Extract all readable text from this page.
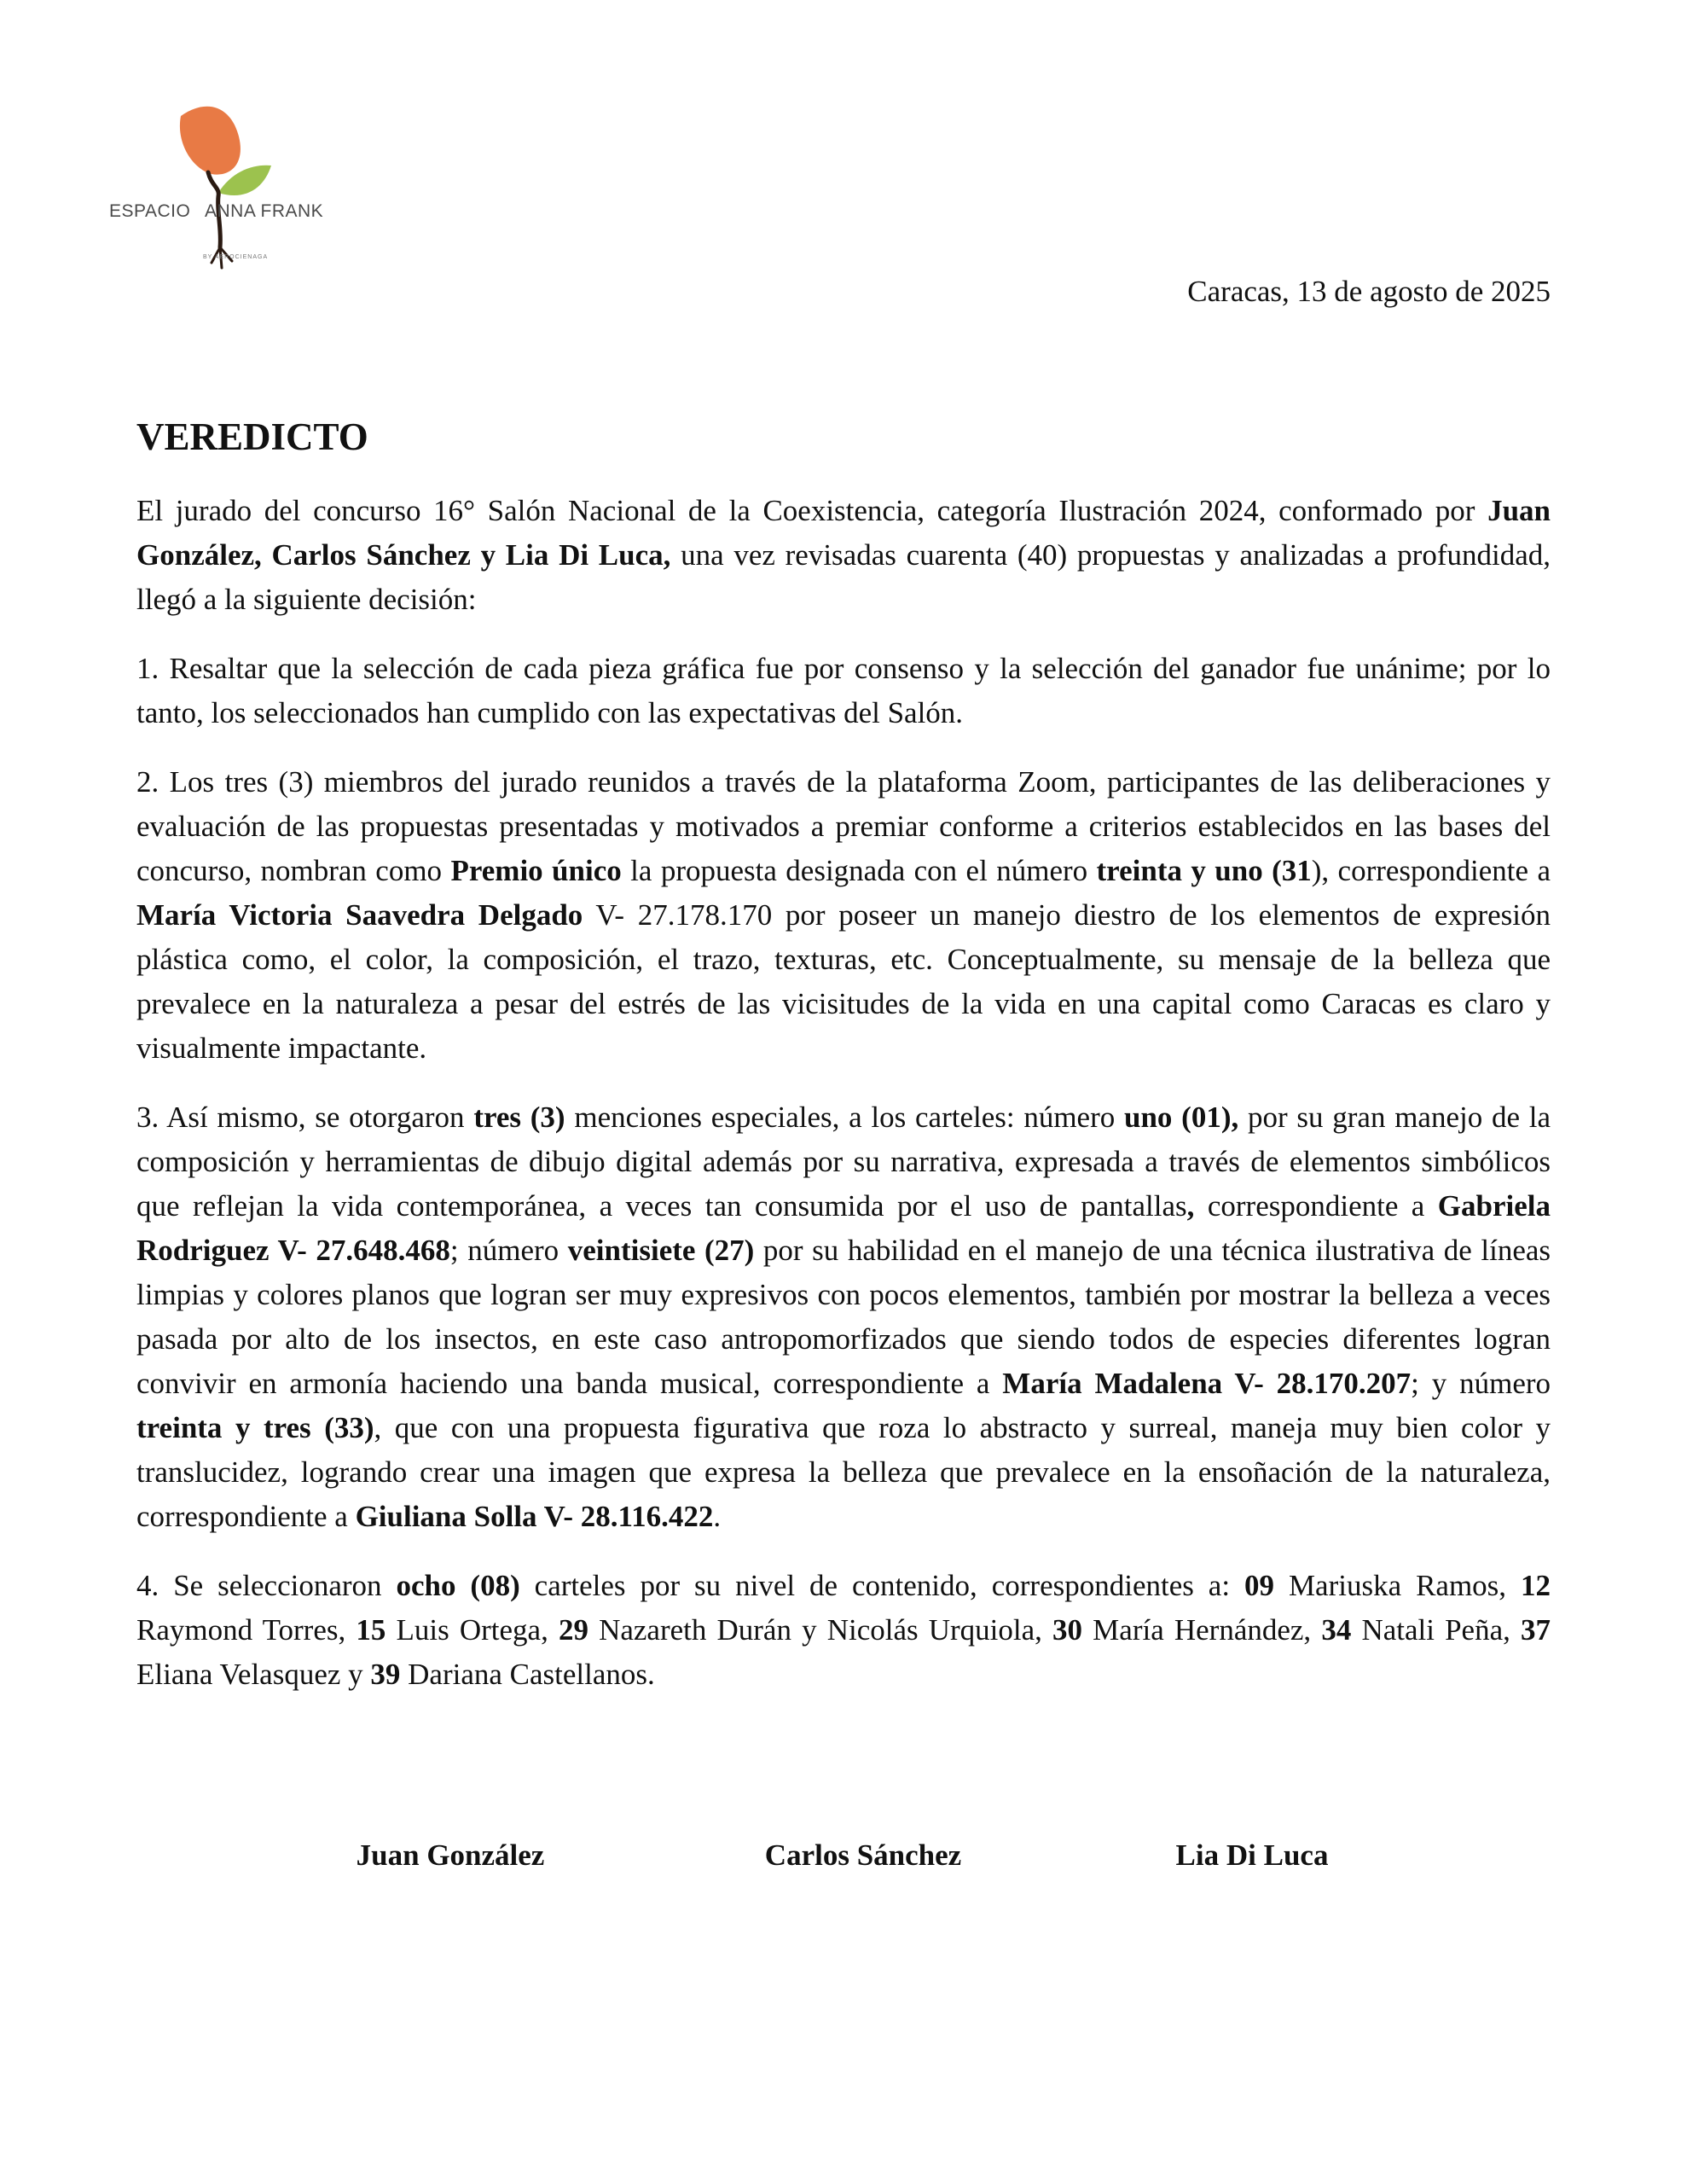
ESPACIO ANNA FRANK
BY AEROCIENAGA
Caracas, 13 de agosto de 2025
VEREDICTO

El jurado del concurso 16° Salón Nacional de la Coexistencia, categoría Ilustración 2024, conformado por Juan González, Carlos Sánchez y Lia Di Luca, una vez revisadas cuarenta (40) propuestas y analizadas a profundidad, llegó a la siguiente decisión:

1. Resaltar que la selección de cada pieza gráfica fue por consenso y la selección del ganador fue unánime; por lo tanto, los seleccionados han cumplido con las expectativas del Salón.

2. Los tres (3) miembros del jurado reunidos a través de la plataforma Zoom, participantes de las deliberaciones y evaluación de las propuestas presentadas y motivados a premiar conforme a criterios establecidos en las bases del concurso, nombran como Premio único la propuesta designada con el número treinta y uno (31), correspondiente a María Victoria Saavedra Delgado V- 27.178.170 por poseer un manejo diestro de los elementos de expresión plástica como, el color, la composición, el trazo, texturas, etc. Conceptualmente, su mensaje de la belleza que prevalece en la naturaleza a pesar del estrés de las vicisitudes de la vida en una capital como Caracas es claro y visualmente impactante.

3. Así mismo, se otorgaron tres (3) menciones especiales, a los carteles: número uno (01), por su gran manejo de la composición y herramientas de dibujo digital además por su narrativa, expresada a través de elementos simbólicos que reflejan la vida contemporánea, a veces tan consumida por el uso de pantallas, correspondiente a Gabriela Rodriguez V- 27.648.468; número veintisiete (27) por su habilidad en el manejo de una técnica ilustrativa de líneas limpias y colores planos que logran ser muy expresivos con pocos elementos, también por mostrar la belleza a veces pasada por alto de los insectos, en este caso antropomorfizados que siendo todos de especies diferentes logran convivir en armonía haciendo una banda musical, correspondiente a María Madalena V- 28.170.207; y número treinta y tres (33), que con una propuesta figurativa que roza lo abstracto y surreal, maneja muy bien color y translucidez, logrando crear una imagen que expresa la belleza que prevalece en la ensoñación de la naturaleza, correspondiente a Giuliana Solla V- 28.116.422.

4. Se seleccionaron ocho (08) carteles por su nivel de contenido, correspondientes a: 09 Mariuska Ramos, 12 Raymond Torres, 15 Luis Ortega, 29 Nazareth Durán y Nicolás Urquiola, 30 María Hernández, 34 Natali Peña, 37 Eliana Velasquez y 39 Dariana Castellanos.

Juan González	Carlos Sánchez	Lia Di Luca
